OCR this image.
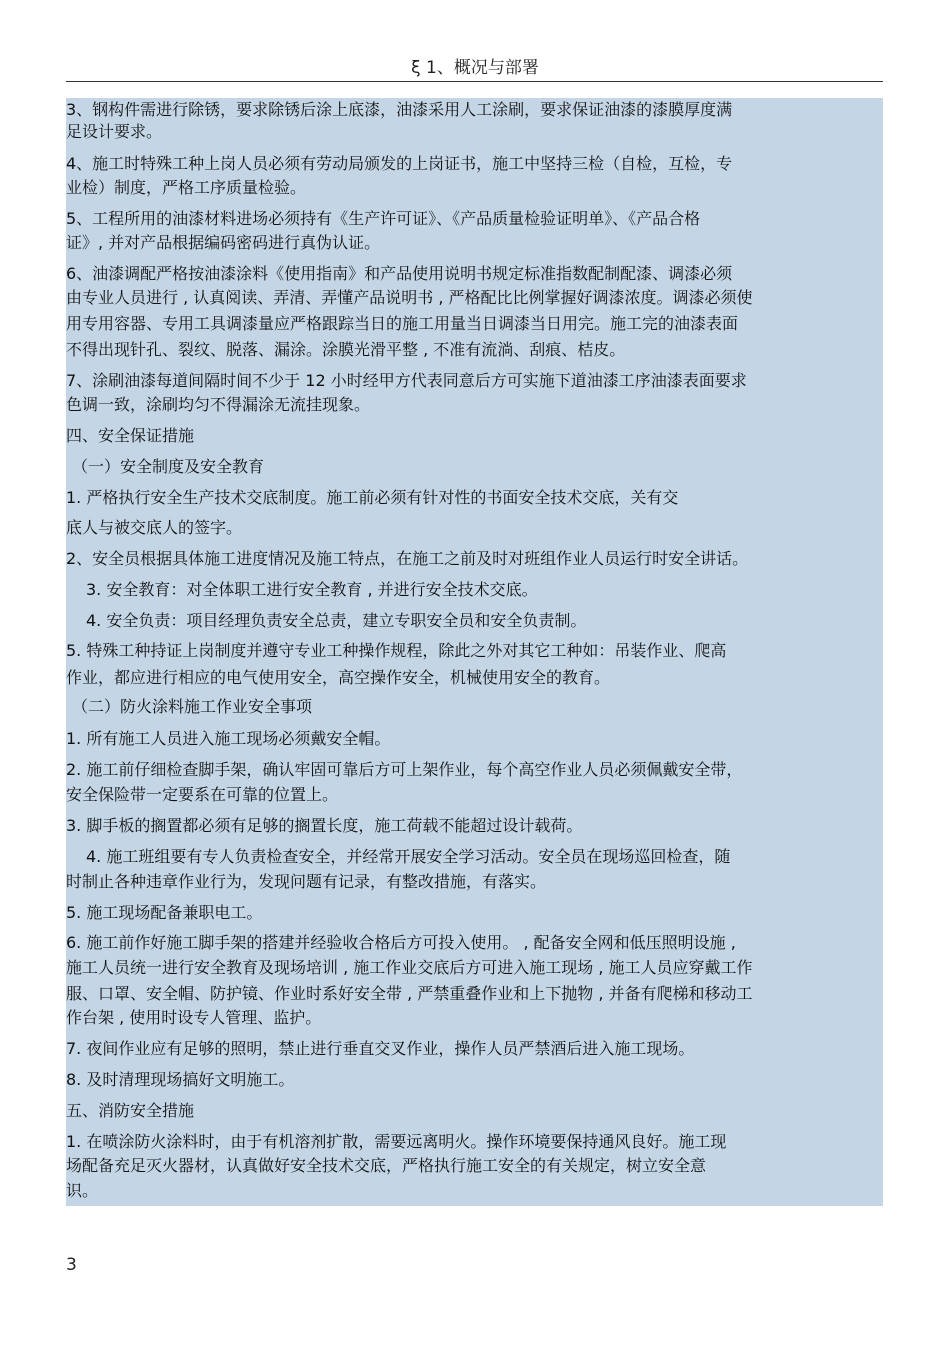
ξ 1、概况与部署
3、钢构件需进行除锈，要求除锈后涂上底漆，油漆采用人工涂刷，要求保证油漆的漆膜厚度满
足设计要求。
4、施工时特殊工种上岗人员必须有劳动局颁发的上岗证书，施工中坚持三检（自检，互检，专
业检）制度，严格工序质量检验。
5、工程所用的油漆材料进场必须持有《生产许可证》、《产品质量检验证明单》、《产品合格
证》, 并对产品根据编码密码进行真伪认证。
6、油漆调配严格按油漆涂料《使用指南》和产品使用说明书规定标准指数配制配漆、调漆必须
由专业人员进行 , 认真阅读、弄清、弄懂产品说明书 , 严格配比比例掌握好调漆浓度。调漆必须使
用专用容器、专用工具调漆量应严格跟踪当日的施工用量当日调漆当日用完。施工完的油漆表面
不得出现针孔、裂纹、脱落、漏涂。涂膜光滑平整 , 不准有流淌、刮痕、桔皮。
7、涂刷油漆每道间隔时间不少于 12 小时经甲方代表同意后方可实施下道油漆工序油漆表面要求
色调一致，涂刷均匀不得漏涂无流挂现象。
四、安全保证措施
（一）安全制度及安全教育
1. 严格执行安全生产技术交底制度。施工前必须有针对性的书面安全技术交底，关有交
底人与被交底人的签字。
2、安全员根据具体施工进度情况及施工特点，在施工之前及时对班组作业人员运行时安全讲话。
3. 安全教育：对全体职工进行安全教育 , 并进行安全技术交底。
4. 安全负责：项目经理负责安全总责，建立专职安全员和安全负责制。
5. 特殊工种持证上岗制度并遵守专业工种操作规程，除此之外对其它工种如：吊装作业、爬高
作业，都应进行相应的电气使用安全，高空操作安全，机械使用安全的教育。
（二）防火涂料施工作业安全事项
1. 所有施工人员进入施工现场必须戴安全帽。
2. 施工前仔细检查脚手架，确认牢固可靠后方可上架作业，每个高空作业人员必须佩戴安全带，
安全保险带一定要系在可靠的位置上。
3. 脚手板的搁置都必须有足够的搁置长度，施工荷载不能超过设计载荷。
4. 施工班组要有专人负责检查安全，并经常开展安全学习活动。安全员在现场巡回检查，随
时制止各种违章作业行为，发现问题有记录，有整改措施，有落实。
5. 施工现场配备兼职电工。
6. 施工前作好施工脚手架的搭建并经验收合格后方可投入使用。 , 配备安全网和低压照明设施 ,
施工人员统一进行安全教育及现场培训 , 施工作业交底后方可进入施工现场 , 施工人员应穿戴工作
服、口罩、安全帽、防护镜、作业时系好安全带 , 严禁重叠作业和上下抛物 , 并备有爬梯和移动工
作台架 , 使用时设专人管理、监护。
7. 夜间作业应有足够的照明，禁止进行垂直交叉作业，操作人员严禁酒后进入施工现场。
8. 及时清理现场搞好文明施工。
五、消防安全措施
1. 在喷涂防火涂料时，由于有机溶剂扩散，需要远离明火。操作环境要保持通风良好。施工现
场配备充足灭火器材，认真做好安全技术交底，严格执行施工安全的有关规定，树立安全意
识。
3
